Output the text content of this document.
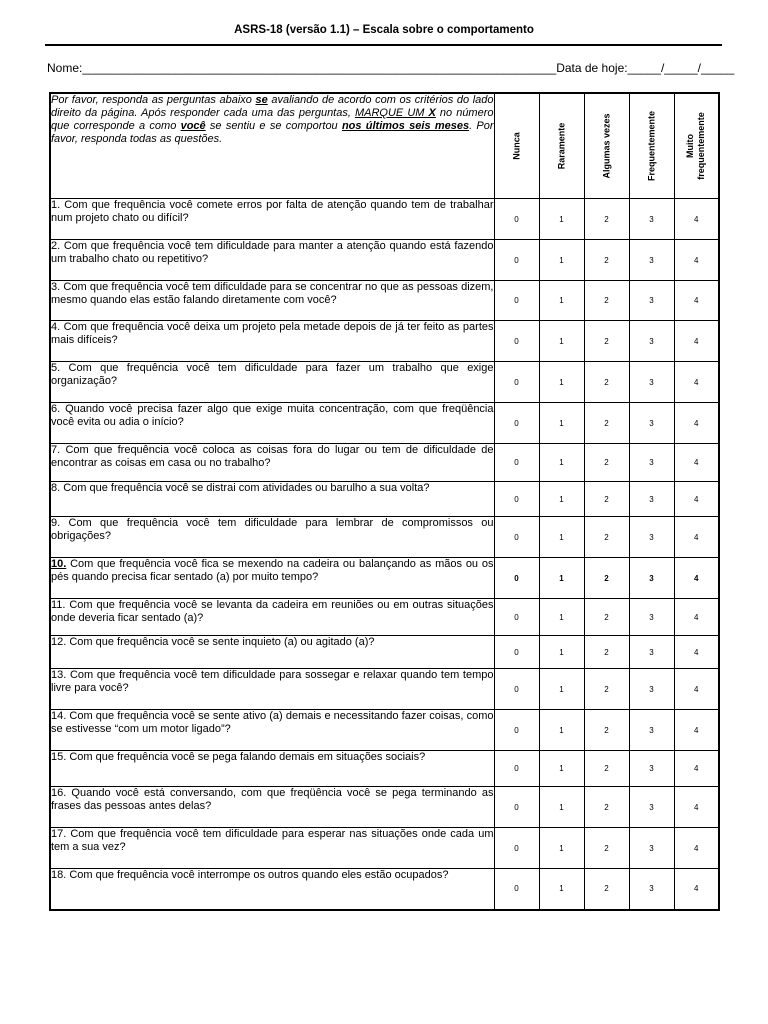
ASRS-18 (versão 1.1) – Escala sobre o comportamento
Nome:_______________________________________________________________________ Data de hoje:_____/_____/_____
Por favor, responda as perguntas abaixo se avaliando de acordo com os critérios do lado direito da página. Após responder cada uma das perguntas, MARQUE UM X no número que corresponde a como você se sentiu e se comportou nos últimos seis meses. Por favor, responda todas as questões.	Nunca	Raramente	Algumas vezes	Frequentemente	Muito
frequentemente

1. Com que frequência você comete erros por falta de atenção quando tem de trabalhar num projeto chato ou difícil?	0	1	2	3	4
2. Com que frequência você tem dificuldade para manter a atenção quando está fazendo um trabalho chato ou repetitivo?	0	1	2	3	4
3. Com que frequência você tem dificuldade para se concentrar no que as pessoas dizem, mesmo quando elas estão falando diretamente com você?	0	1	2	3	4
4. Com que frequência você deixa um projeto pela metade depois de já ter feito as partes mais difíceis?	0	1	2	3	4
5. Com que frequência você tem dificuldade para fazer um trabalho que exige organização?	0	1	2	3	4
6. Quando você precisa fazer algo que exige muita concentração, com que freqüência você evita ou adia o início?	0	1	2	3	4
7. Com que frequência você coloca as coisas fora do lugar ou tem de dificuldade de encontrar as coisas em casa ou no trabalho?	0	1	2	3	4
8. Com que frequência você se distrai com atividades ou barulho a sua volta?	0	1	2	3	4
9. Com que frequência você tem dificuldade para lembrar de compromissos ou obrigações?	0	1	2	3	4
10. Com que frequência você fica se mexendo na cadeira ou balançando as mãos ou os pés quando precisa ficar sentado (a) por muito tempo?	0	1	2	3	4
11. Com que frequência você se levanta da cadeira em reuniões ou em outras situações onde deveria ficar sentado (a)?	0	1	2	3	4
12. Com que frequência você se sente inquieto (a) ou agitado (a)?	0	1	2	3	4
13. Com que frequência você tem dificuldade para sossegar e relaxar quando tem tempo livre para você?	0	1	2	3	4
14. Com que frequência você se sente ativo (a) demais e necessitando fazer coisas, como se estivesse “com um motor ligado”?	0	1	2	3	4
15. Com que frequência você se pega falando demais em situações sociais?	0	1	2	3	4
16. Quando você está conversando, com que freqüência você se pega terminando as frases das pessoas antes delas?	0	1	2	3	4
17. Com que frequência você tem dificuldade para esperar nas situações onde cada um tem a sua vez?	0	1	2	3	4
18. Com que frequência você interrompe os outros quando eles estão ocupados?	0	1	2	3	4
